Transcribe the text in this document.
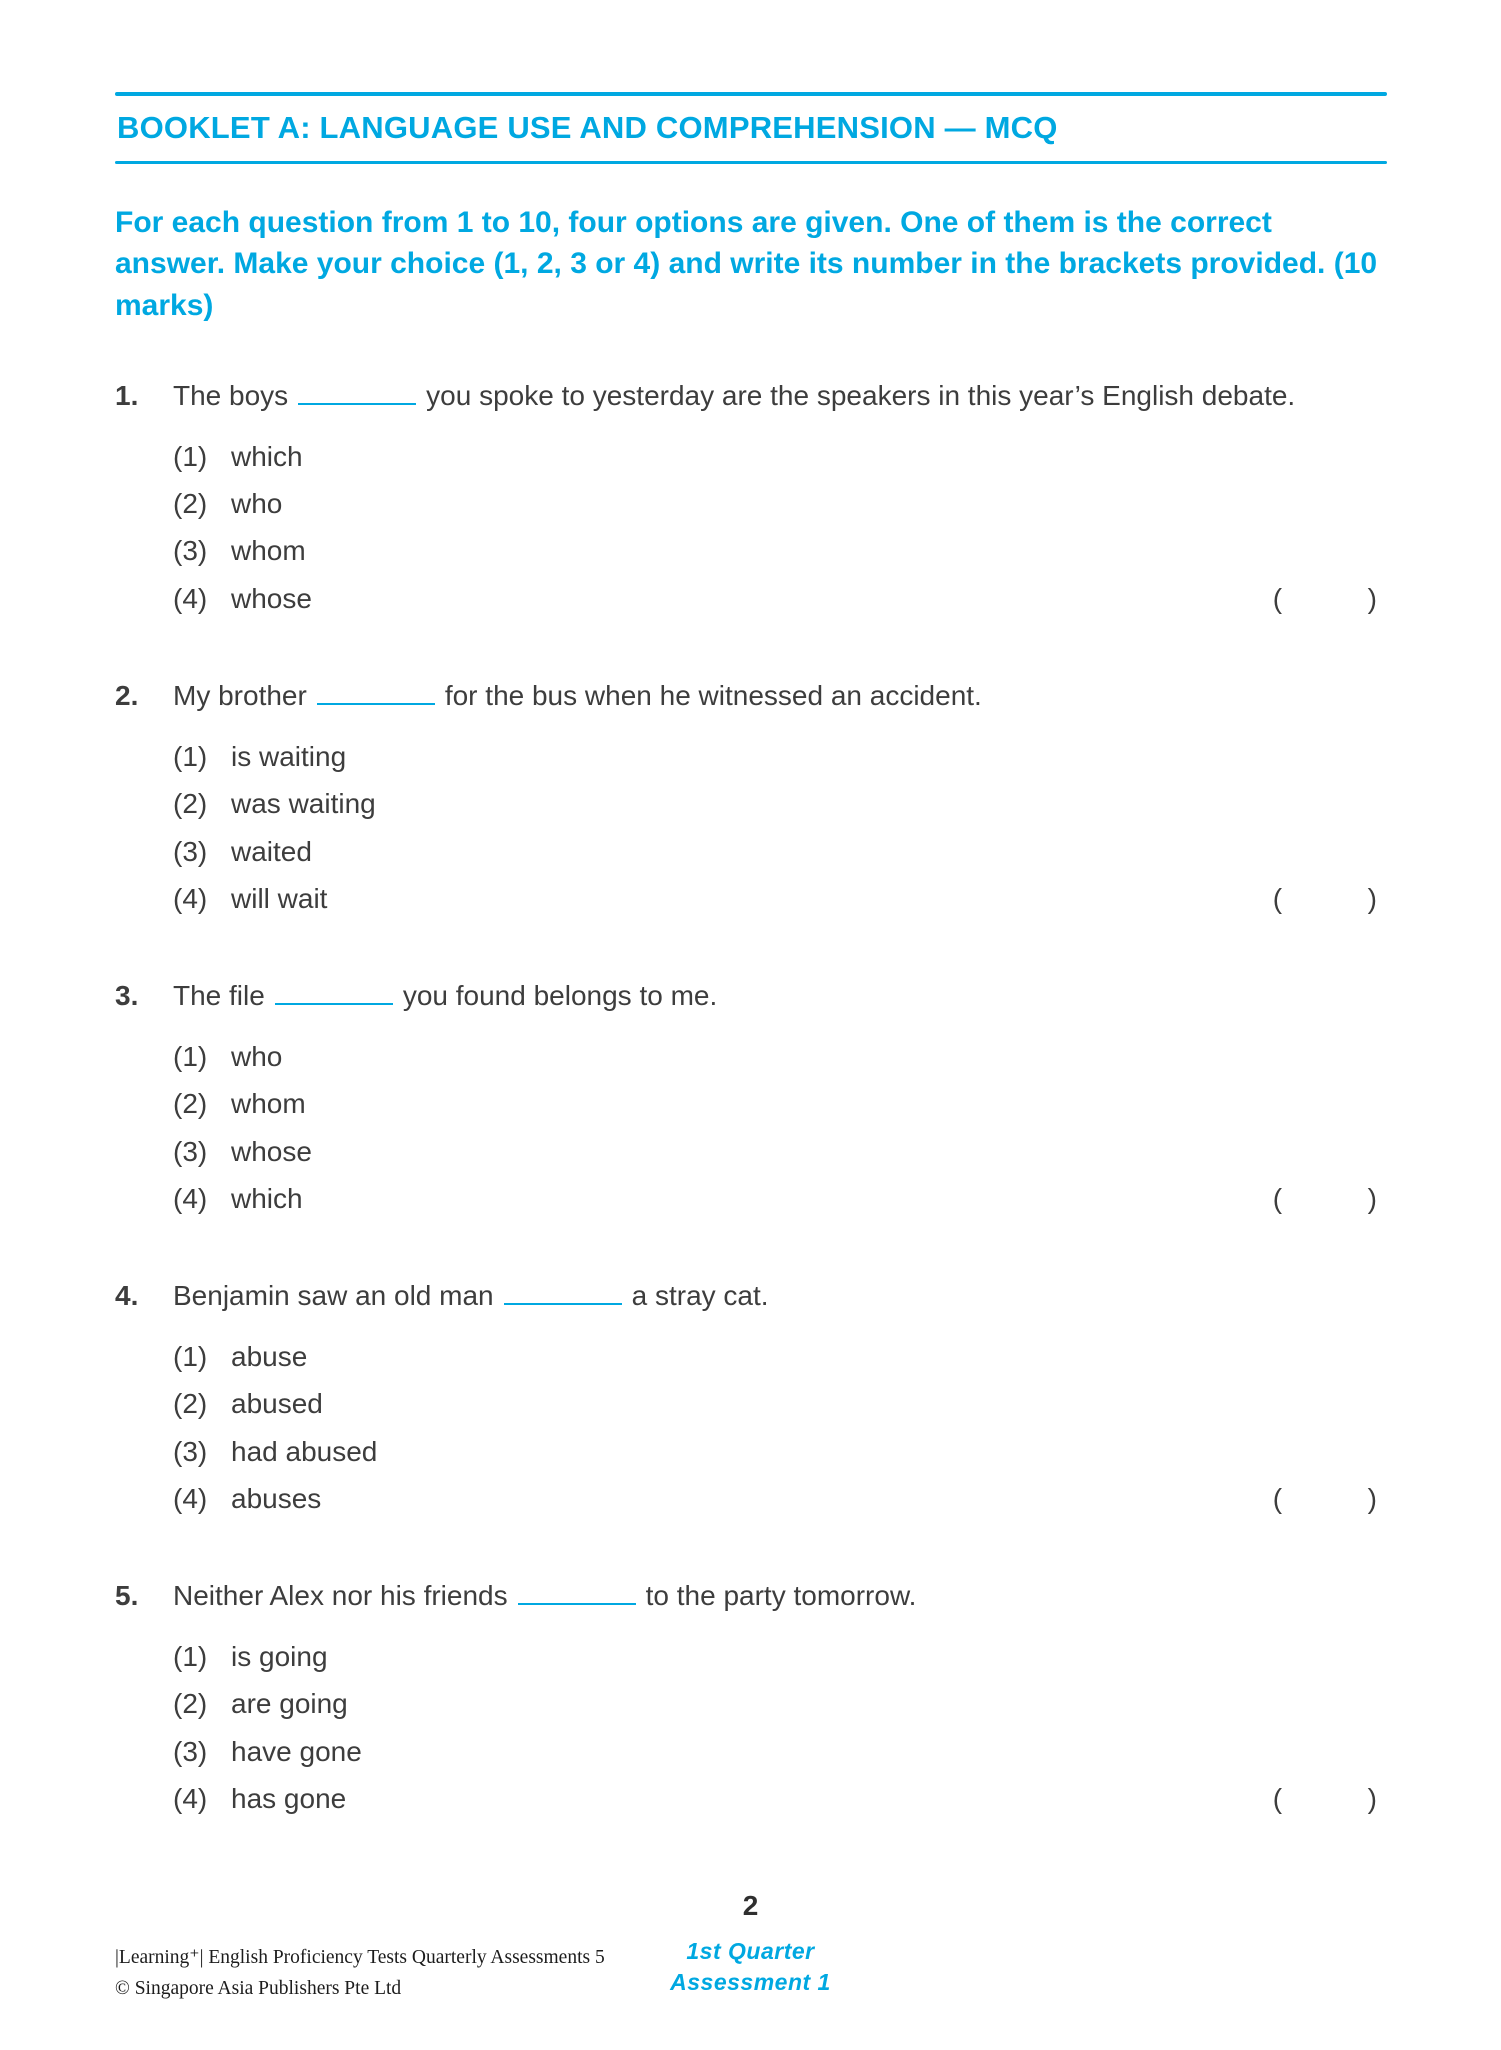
BOOKLET A: LANGUAGE USE AND COMPREHENSION — MCQ
For each question from 1 to 10, four options are given. One of them is the correct answer. Make your choice (1, 2, 3 or 4) and write its number in the brackets provided. (10 marks)
1.	The boys	you spoke to yesterday are the speakers in this year’s English debate.
(1) which
(2) who
(3) whom
(4) whose	(           )
2.	My brother	for the bus when he witnessed an accident.
(1) is waiting
(2) was waiting
(3) waited
(4) will wait	(           )
3.	The file	you found belongs to me.
(1) who
(2) whom
(3) whose
(4) which	(           )
4.	Benjamin saw an old man	a stray cat.
(1) abuse
(2) abused
(3) had abused
(4) abuses	(           )
5.	Neither Alex nor his friends	to the party tomorrow.
(1) is going
(2) are going
(3) have gone
(4) has gone	(           )
2
|Learning⁺| English Proficiency Tests Quarterly Assessments 5
© Singapore Asia Publishers Pte Ltd
1st Quarter
Assessment 1
